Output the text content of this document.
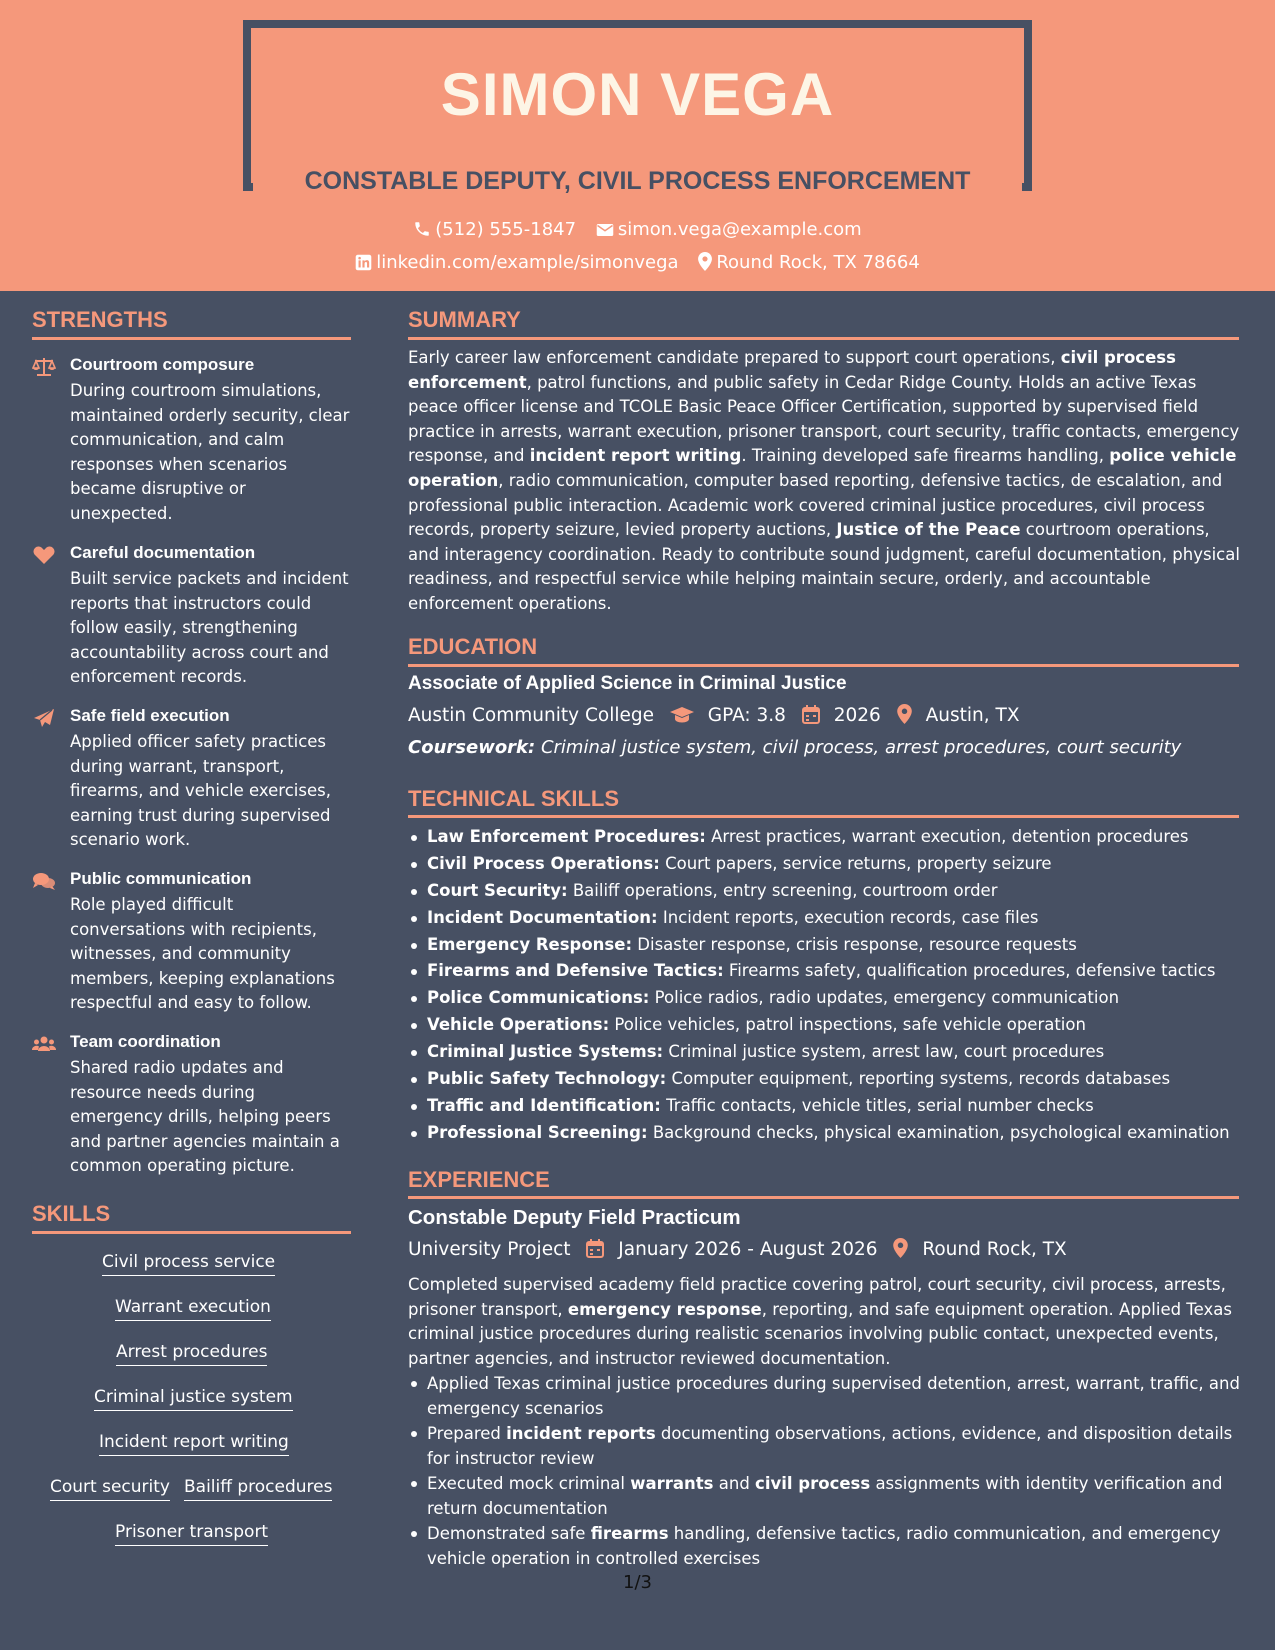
SIMON VEGA
CONSTABLE DEPUTY, CIVIL PROCESS ENFORCEMENT
(512) 555-1847 simon.vega@example.com
linkedin.com/example/simonvega Round Rock, TX 78664
STRENGTHS
Courtroom composure
During courtroom simulations, maintained orderly security, clear communication, and calm responses when scenarios became disruptive or unexpected.
Careful documentation
Built service packets and incident reports that instructors could follow easily, strengthening accountability across court and enforcement records.
Safe field execution
Applied officer safety practices during warrant, transport, firearms, and vehicle exercises, earning trust during supervised scenario work.
Public communication
Role played difficult conversations with recipients, witnesses, and community members, keeping explanations respectful and easy to follow.
Team coordination
Shared radio updates and resource needs during emergency drills, helping peers and partner agencies maintain a common operating picture.
SKILLS
Civil process service
Warrant execution
Arrest procedures
Criminal justice system
Incident report writing
Court security Bailiff procedures
Prisoner transport
SUMMARY
Early career law enforcement candidate prepared to support court operations, civil process enforcement, patrol functions, and public safety in Cedar Ridge County. Holds an active Texas peace officer license and TCOLE Basic Peace Officer Certification, supported by supervised field practice in arrests, warrant execution, prisoner transport, court security, traffic contacts, emergency response, and incident report writing. Training developed safe firearms handling, police vehicle operation, radio communication, computer based reporting, defensive tactics, de escalation, and professional public interaction. Academic work covered criminal justice procedures, civil process records, property seizure, levied property auctions, Justice of the Peace courtroom operations, and interagency coordination. Ready to contribute sound judgment, careful documentation, physical readiness, and respectful service while helping maintain secure, orderly, and accountable enforcement operations.
EDUCATION
Associate of Applied Science in Criminal Justice
Austin Community College	GPA: 3.8	2026 Austin, TX
Coursework: Criminal justice system, civil process, arrest procedures, court security
TECHNICAL SKILLS
Law Enforcement Procedures: Arrest practices, warrant execution, detention procedures
Civil Process Operations: Court papers, service returns, property seizure
Court Security: Bailiff operations, entry screening, courtroom order
Incident Documentation: Incident reports, execution records, case files
Emergency Response: Disaster response, crisis response, resource requests
Firearms and Defensive Tactics: Firearms safety, qualification procedures, defensive tactics
Police Communications: Police radios, radio updates, emergency communication
Vehicle Operations: Police vehicles, patrol inspections, safe vehicle operation
Criminal Justice Systems: Criminal justice system, arrest law, court procedures
Public Safety Technology: Computer equipment, reporting systems, records databases
Traffic and Identification: Traffic contacts, vehicle titles, serial number checks
Professional Screening: Background checks, physical examination, psychological examination
EXPERIENCE
Constable Deputy Field Practicum
University Project	January 2026 - August 2026 Round Rock, TX
Completed supervised academy field practice covering patrol, court security, civil process, arrests, prisoner transport, emergency response, reporting, and safe equipment operation. Applied Texas criminal justice procedures during realistic scenarios involving public contact, unexpected events, partner agencies, and instructor reviewed documentation.
Applied Texas criminal justice procedures during supervised detention, arrest, warrant, traffic, and emergency scenarios
Prepared incident reports documenting observations, actions, evidence, and disposition details for instructor review
Executed mock criminal warrants and civil process assignments with identity verification and return documentation
Demonstrated safe firearms handling, defensive tactics, radio communication, and emergency vehicle operation in controlled exercises
1/3
